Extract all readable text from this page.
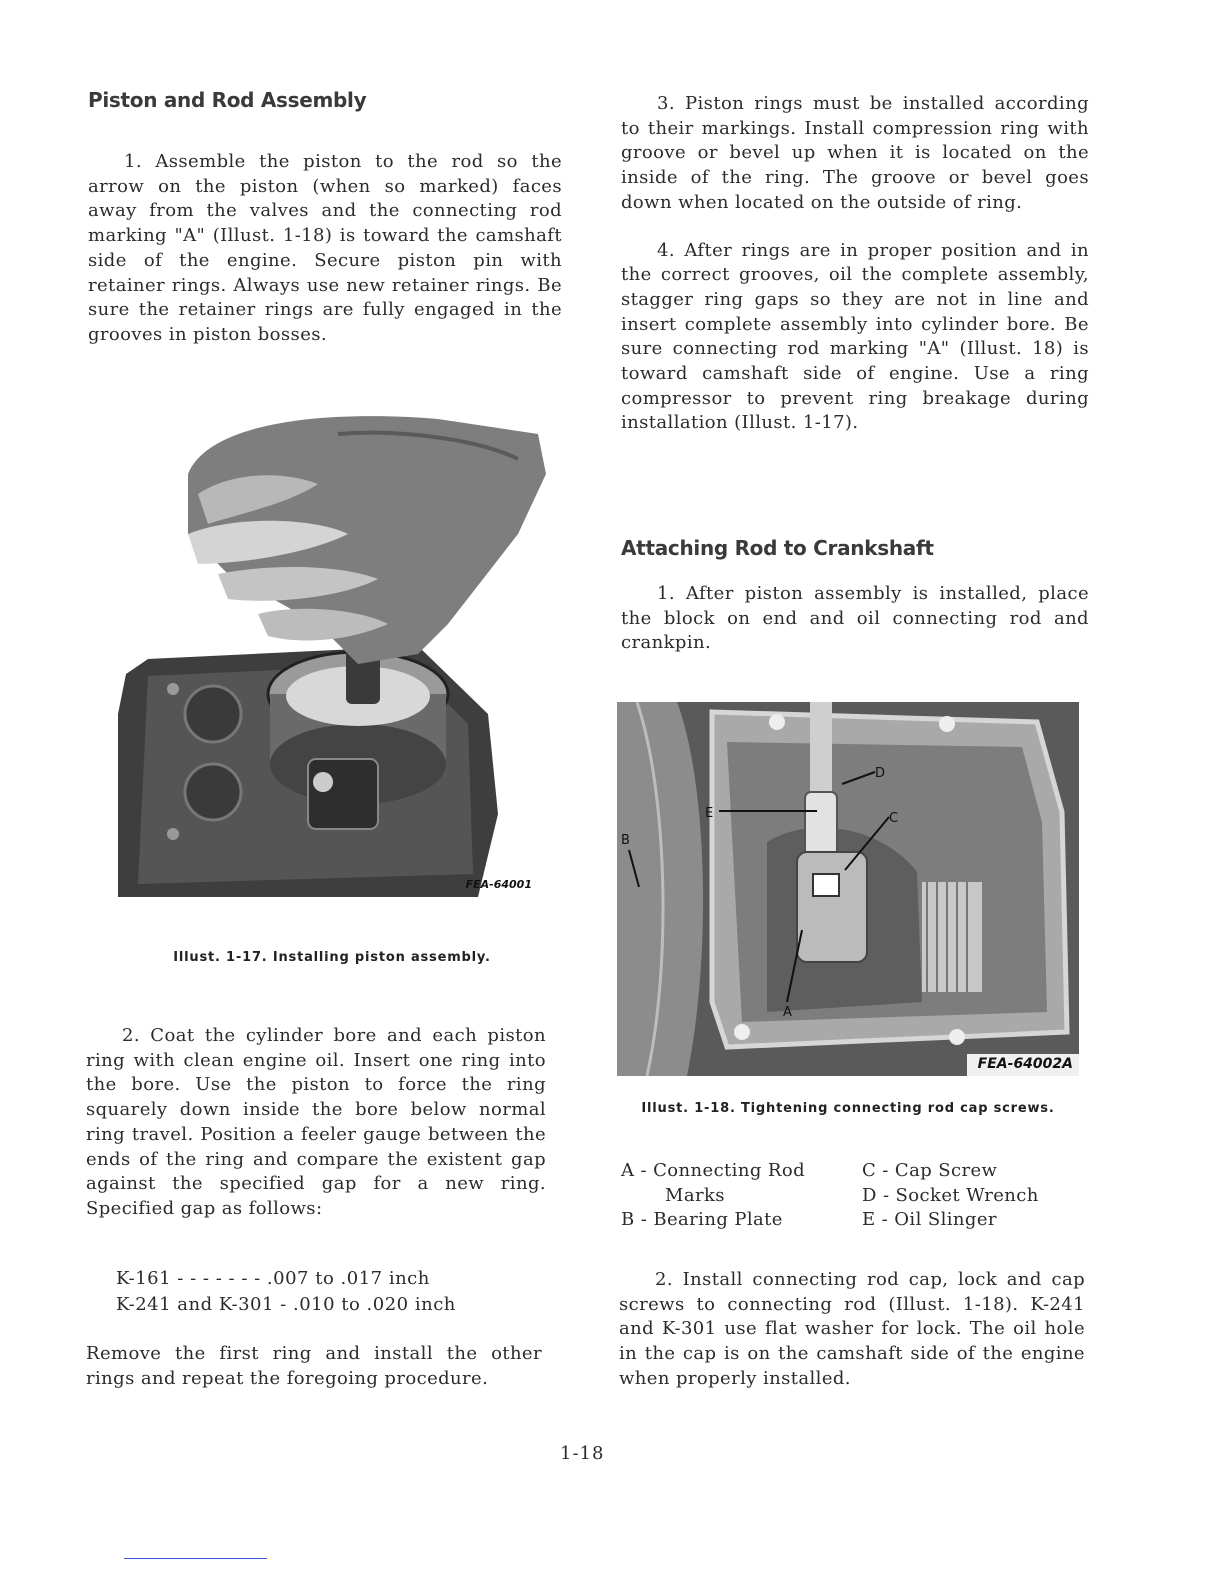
Piston and Rod Assembly

1. Assemble the piston to the rod so the arrow on the piston (when so marked) faces away from the valves and the connecting rod marking "A" (Illust. 1-18) is toward the camshaft side of the engine. Secure piston pin with retainer rings. Always use new retainer rings. Be sure the retainer rings are fully engaged in the grooves in piston bosses.

FEA-64001
Illust. 1-17. Installing piston assembly.

2. Coat the cylinder bore and each piston ring with clean engine oil. Insert one ring into the bore. Use the piston to force the ring squarely down inside the bore below normal ring travel. Position a feeler gauge between the ends of the ring and compare the existent gap against the specified gap for a new ring. Specified gap as follows:

K-161 - - - - - - - .007 to .017 inch
K-241 and K-301 - .010 to .020 inch

Remove the first ring and install the other rings and repeat the foregoing procedure.

3. Piston rings must be installed according to their markings. Install compression ring with groove or bevel up when it is located on the inside of the ring. The groove or bevel goes down when located on the outside of ring.

4. After rings are in proper position and in the correct grooves, oil the complete assembly, stagger ring gaps so they are not in line and insert complete assembly into cylinder bore. Be sure connecting rod marking "A" (Illust. 18) is toward camshaft side of engine. Use a ring compressor to prevent ring breakage during installation (Illust. 1-17).

Attaching Rod to Crankshaft

1. After piston assembly is installed, place the block on end and oil connecting rod and crankpin.

E
D
C
B
A
FEA-64002A
Illust. 1-18. Tightening connecting rod cap screws.
A - Connecting Rod
Marks
B - Bearing Plate
C - Cap Screw
D - Socket Wrench
E - Oil Slinger

2. Install connecting rod cap, lock and cap screws to connecting rod (Illust. 1-18). K-241 and K-301 use flat washer for lock. The oil hole in the cap is on the camshaft side of the engine when properly installed.

1-18
